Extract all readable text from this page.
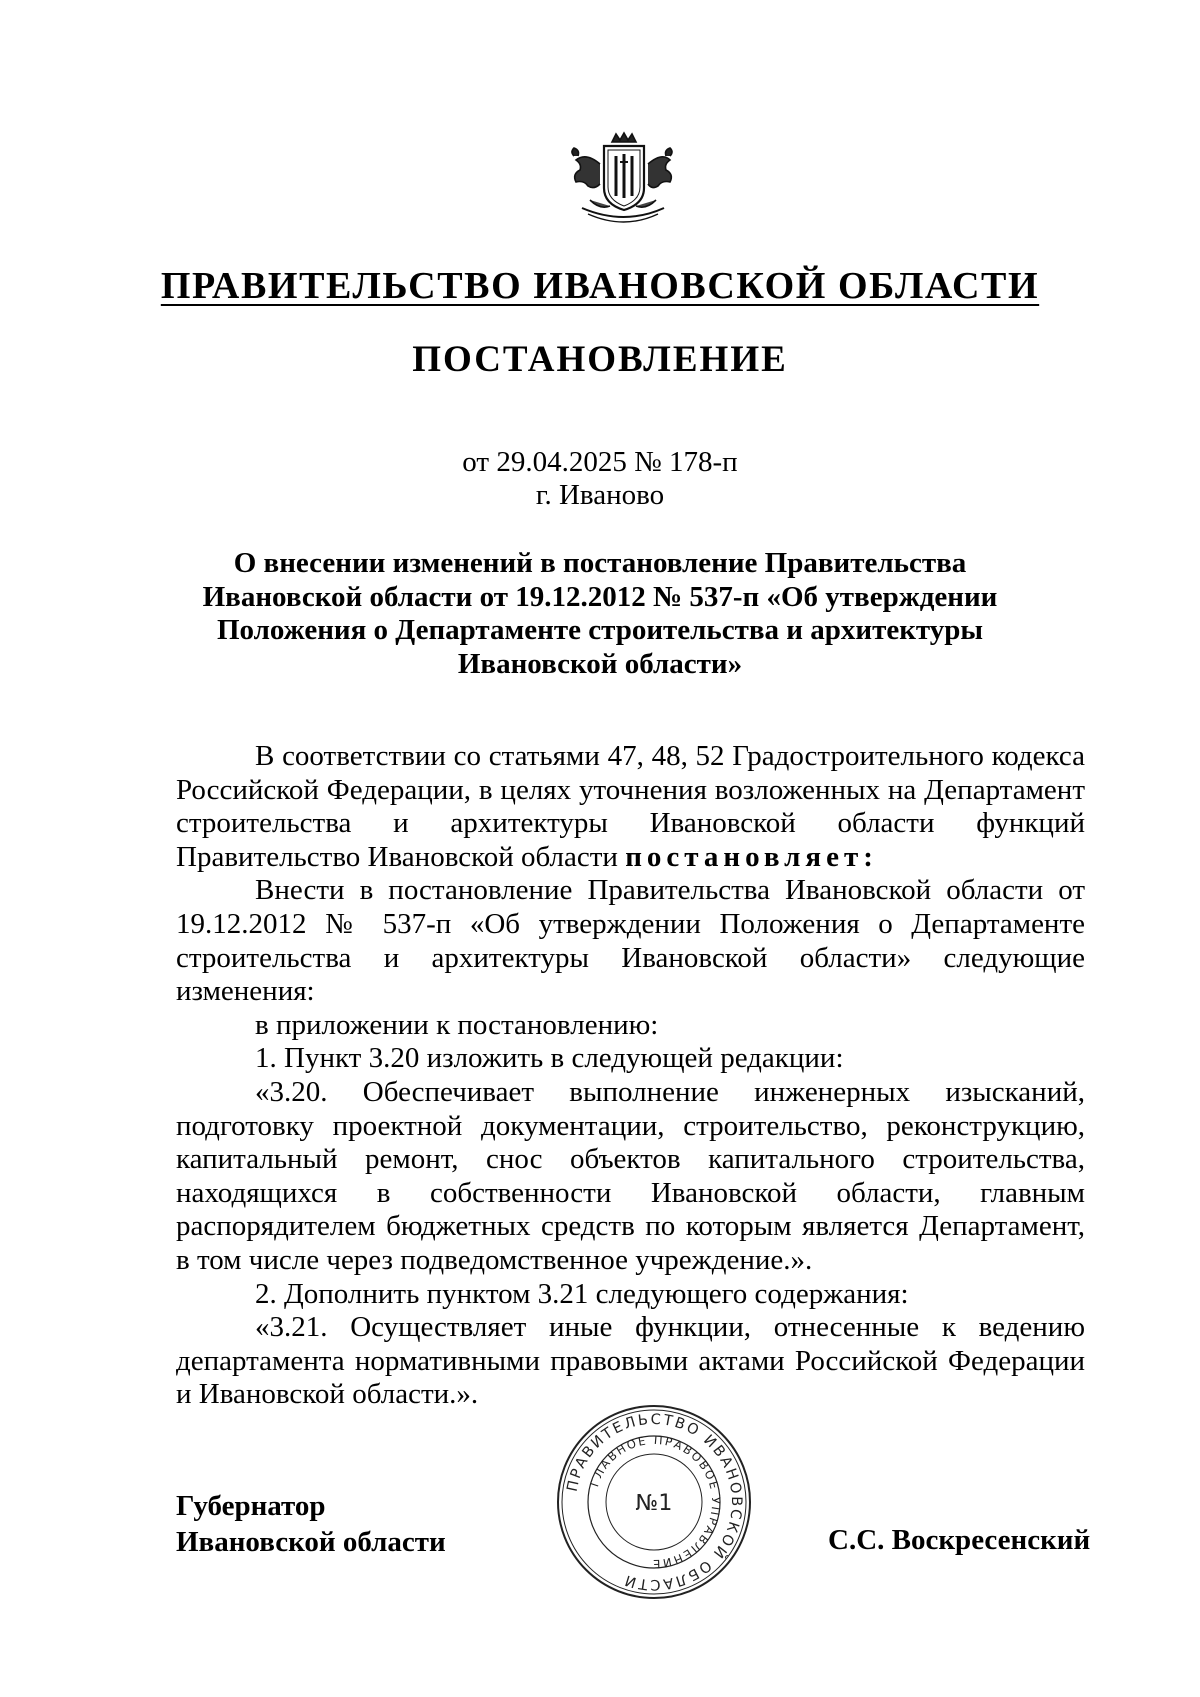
ПРАВИТЕЛЬСТВО ИВАНОВСКОЙ ОБЛАСТИ
ПОСТАНОВЛЕНИЕ
от 29.04.2025 № 178-п
г. Иваново
О внесении изменений в постановление Правительства
Ивановской области от 19.12.2012 № 537-п «Об утверждении
Положения о Департаменте строительства и архитектуры
Ивановской области»

В соответствии со статьями 47, 48, 52 Градостроительного кодекса Российской Федерации, в целях уточнения возложенных на Департамент строительства и архитектуры Ивановской области функций Правительство Ивановской области постановляет:

Внести в постановление Правительства Ивановской области от 19.12.2012 № 537-п «Об утверждении Положения о Департаменте строительства и архитектуры Ивановской области» следующие изменения:

в приложении к постановлению:

1. Пункт 3.20 изложить в следующей редакции:

«3.20. Обеспечивает выполнение инженерных изысканий, подготовку проектной документации, строительство, реконструкцию, капитальный ремонт, снос объектов капитального строительства, находящихся в собственности Ивановской области, главным распорядителем бюджетных средств по которым является Департамент, в том числе через подведомственное учреждение.».

2. Дополнить пунктом 3.21 следующего содержания:

«3.21. Осуществляет иные функции, отнесенные к ведению департамента нормативными правовыми актами Российской Федерации и Ивановской области.».

Губернатор
Ивановской области	С.С. Воскресенский
ПРАВИТЕЛЬСТВО ИВАНОВСКОЙ ОБЛАСТИ
ГЛАВНОЕ ПРАВОВОЕ УПРАВЛЕНИЕ
№1
